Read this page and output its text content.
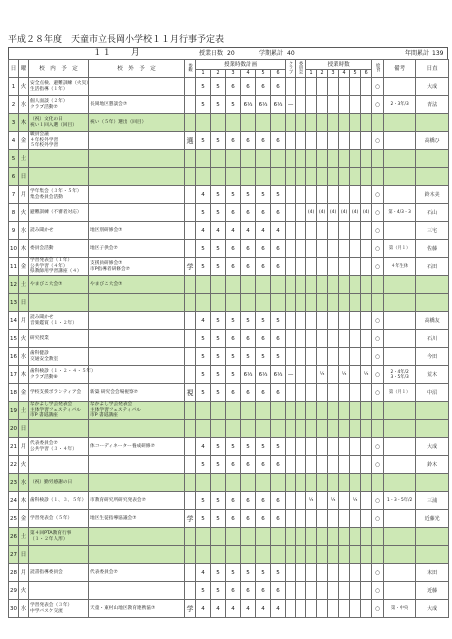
平成２８年度　天童市立長岡小学校１１月行事予定表
１１　　月	授業日数 20	学期累計 40	年間累計 139
日	曜	校　内　予　定	校　外　予　定	参観	授業時数計画						クラブ	委員会	授業時数						給食	備考	日直
					1	2	3	4	5	6			1	2	3	4	5	6			
1	火	安全点検、避難訓練（火災）
生活指導（１年）			5	5	6	6	6	6									○		大成
2	水	個人面談（２年）
クラブ活動⑦	長岡地区懇談会⑦		5	5	5	6⅓	6⅓	6⅓	—								○	2・3年/3	青法
3	木	（祝）文化の日
祝い１回入選（回目）	祝い（５年）選出（回目）																		

4	金	職員会議
４年校外学習
５年校外学習		選	5	5	6	6	6	6									○		高橋ひ
5	土																				
6	日																				
7	月	学年集会（３年・５年）
集会委員会活動			4	5	5	5	5	5									○		鈴木美
8	火	避難訓練（不審者対応）			5	5	6	6	6	6			(4)	(4)	(4)	(4)	(4)	(4)	○	第・4/3・3	石山
9	水	読み聞かせ	地区別研修会⑦		4	4	4	4	4	4									○		三宅
10	木	委員会活動	地区子供会⑦		5	5	6	6	6	6									○	第（月１）	佐藤
11	金	学習発表会（１年）
公共学習（４年）
県教師用学習講座（４）	支援員研修会⑦
市P指導者研修会⑦	学	5	5	6	6	6	6									○	４年生休	石田
12	土	やまびこ大会⑦	やまびこ大会⑦																		

13	日																				
14	月	読み聞かせ
音楽鑑賞（１・２年）			4	5	5	5	5	5									○		高橋友
15	火	研究授業			5	5	6	6	6	6									○		石川
16	水	歯科健診
交通安全教室			5	5	5	5	5	5									○		今田
17	木	歯科検診（１・２・４・５年）
クラブ活動⑧			5	5	5	6⅓	6⅓	6⅓	—			⅓		⅓		⅓	○	2・4年/2
3・5年/3	荒木
18	金	学校支援ボランティア会	新築 研究会会場視察⑦	視	5	5	6	6	6	6									○	第（月１）	中沼
19	土	なかよし学芸発表会
主体学習フェスティバル
市P 書道講座	なかよし学芸発表会
主体学習フェスティバル
市P 書道講座																		

20	日																				
21	月	代表委員会⑦
公共学習（３・４年）	体コーディネーター養成研修⑦		4	5	5	5	5	5									○		大成
22	火				5	5	6	6	6	6									○		鈴木
23	水	（祝）勤労感謝の日																			

24	木	歯科検診（１、３、５年）	市教育研究所研究発表会⑦		5	5	6	6	6	6			⅓		⅓		⅓		○	1・3・5年/2	三浦
25	金	学習発表会（５年）	地区生徒指導協議会⑦	学	5	5	6	6	6	6									○		近藤光
26	土	第４回PTA教育行事
（１・２年人形）																			

27	日																				
28	月	読書指導委員会	代表委員会⑦		4	5	5	5	5	5									○		末田
29	火				5	5	6	6	6	6									○		近藤
30	水	学習発表会（３年）
中学バスケ交流	天童・東村山地区教育連携協⑦	学	4	4	4	4	4	4									○	第・中央	大成
